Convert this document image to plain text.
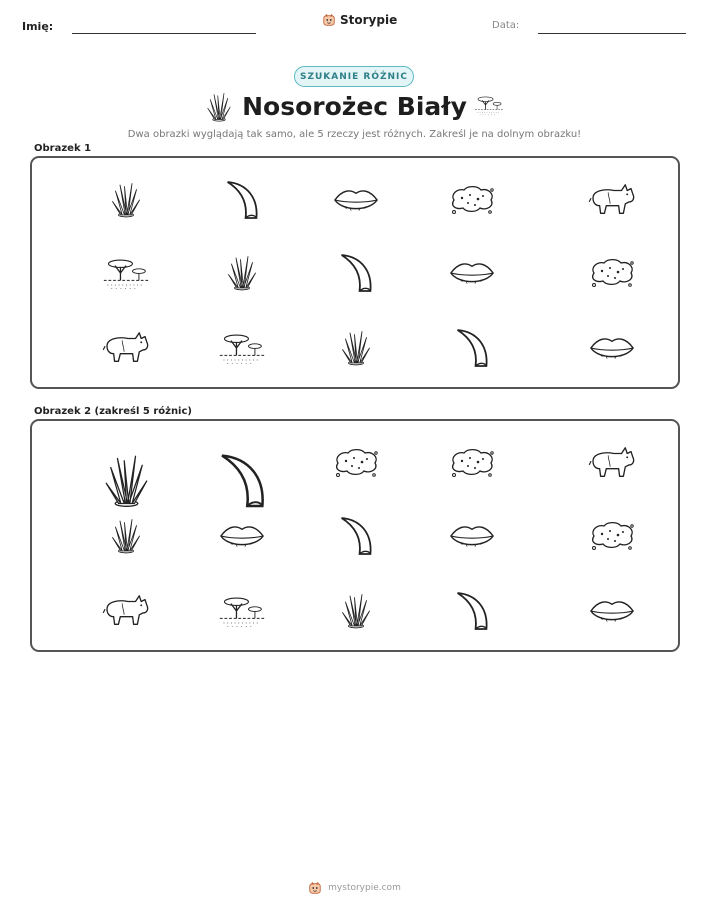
Imię:	Storypie	Data:
SZUKANIE RÓŻNIC
Nosorożec Biały
Dwa obrazki wyglądają tak samo, ale 5 rzeczy jest różnych. Zakreśl je na dolnym obrazku!
Obrazek 1
Obrazek 2 (zakreśl 5 różnic)
mystorypie.com
